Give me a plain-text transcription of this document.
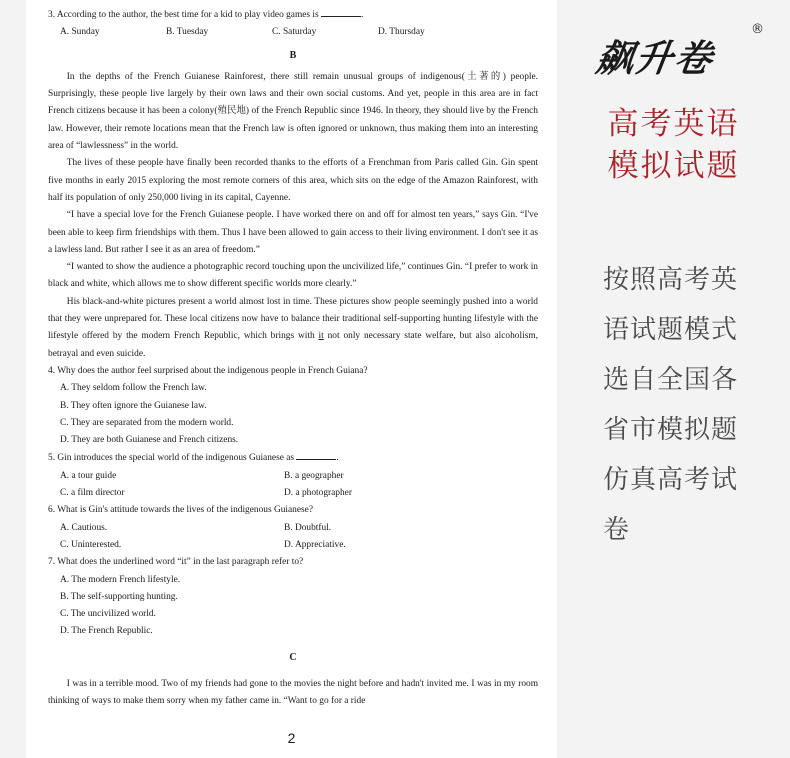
3. According to the author, the best time for a kid to play video games is	.

A. Sunday	B. Tuesday	C. Saturday	D. Thursday

B

In the depths of the French Guianese Rainforest, there still remain unusual groups of indigenous(土著的) people. Surprisingly, these people live largely by their own laws and their own social customs. And yet, people in this area are in fact French citizens because it has been a colony(殖民地) of the French Republic since 1946. In theory, they should live by the French law. However, their remote locations mean that the French law is often ignored or unknown, thus making them into an interesting area of “lawlessness” in the world.

The lives of these people have finally been recorded thanks to the efforts of a Frenchman from Paris called Gin. Gin spent five months in early 2015 exploring the most remote corners of this area, which sits on the edge of the Amazon Rainforest, with half its population of only 250,000 living in its capital, Cayenne.

“I have a special love for the French Guianese people. I have worked there on and off for almost ten years,” says Gin. “I've been able to keep firm friendships with them. Thus I have been allowed to gain access to their living environment. I don't see it as a lawless land. But rather I see it as an area of freedom.”

“I wanted to show the audience a photographic record touching upon the uncivilized life,” continues Gin. “I prefer to work in black and white, which allows me to show different specific worlds more clearly.”

His black-and-white pictures present a world almost lost in time. These pictures show people seemingly pushed into a world that they were unprepared for. These local citizens now have to balance their traditional self-supporting hunting lifestyle with the lifestyle offered by the modern French Republic, which brings with it not only necessary state welfare, but also alcoholism, betrayal and even suicide.

4. Why does the author feel surprised about the indigenous people in French Guiana?

A. They seldom follow the French law.

B. They often ignore the Guianese law.

C. They are separated from the modern world.

D. They are both Guianese and French citizens.

5. Gin introduces the special world of the indigenous Guianese as	.

A. a tour guide	B. a geographer
C. a film director	D. a photographer

6. What is Gin's attitude towards the lives of the indigenous Guianese?

A. Cautious.	B. Doubtful.
C. Uninterested.	D. Appreciative.

7. What does the underlined word “it” in the last paragraph refer to?

A. The modern French lifestyle.

B. The self-supporting hunting.

C. The uncivilized world.

D. The French Republic.

C

I was in a terrible mood. Two of my friends had gone to the movies the night before and hadn't invited me. I was in my room thinking of ways to make them sorry when my father came in. “Want to go for a ride

2
飙升卷
®
高考英语
模拟试题
按照高考英
语试题模式
选自全国各
省市模拟题
仿真高考试
卷
